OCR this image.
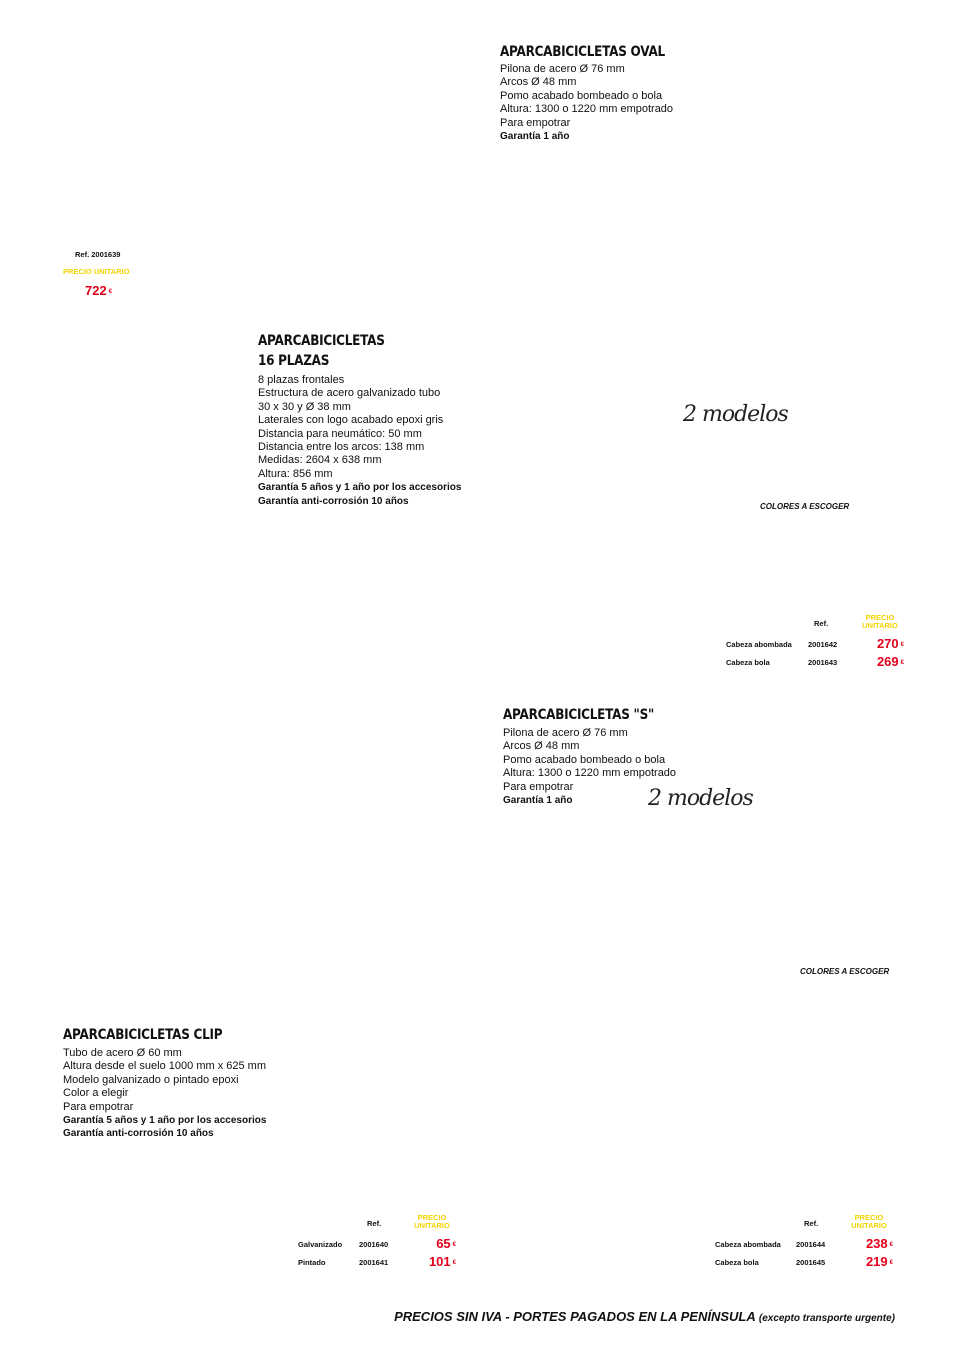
APARCABICICLETAS OVAL
Pilona de acero Ø 76 mm
Arcos Ø 48 mm
Pomo acabado bombeado o bola
Altura: 1300 o 1220 mm empotrado
Para empotrar
Garantía 1 año
Ref. 2001639
PRECIO UNITARIO
722 €
APARCABICICLETAS
16 PLAZAS
8 plazas frontales
Estructura de acero galvanizado tubo
30 x 30 y Ø 38 mm
Laterales con logo acabado epoxi gris
Distancia para neumático: 50 mm
Distancia entre los arcos: 138 mm
Medidas: 2604 x 638 mm
Altura: 856 mm
Garantía 5 años y 1 año por los accesorios
Garantía anti-corrosión 10 años
2 modelos
COLORES A ESCOGER
Ref.
PRECIO
UNITARIO
Cabeza abombada 2001642	270 €
Cabeza bola	2001643	269 €
APARCABICICLETAS "S"
Pilona de acero Ø 76 mm
Arcos Ø 48 mm
Pomo acabado bombeado o bola
Altura: 1300 o 1220 mm empotrado
Para empotrar
Garantía 1 año	2 modelos
COLORES A ESCOGER
APARCABICICLETAS CLIP
Tubo de acero Ø 60 mm
Altura desde el suelo 1000 mm x 625 mm
Modelo galvanizado o pintado epoxi
Color a elegir
Para empotrar
Garantía 5 años y 1 año por los accesorios
Garantía anti-corrosión 10 años
Ref.
PRECIO
UNITARIO
Galvanizado 2001640	65 €
Pintado	2001641	101 €
Ref.
PRECIO
UNITARIO
Cabeza abombada 2001644	238 €
Cabeza bola	2001645	219 €
PRECIOS SIN IVA - PORTES PAGADOS EN LA PENÍNSULA (excepto transporte urgente)
